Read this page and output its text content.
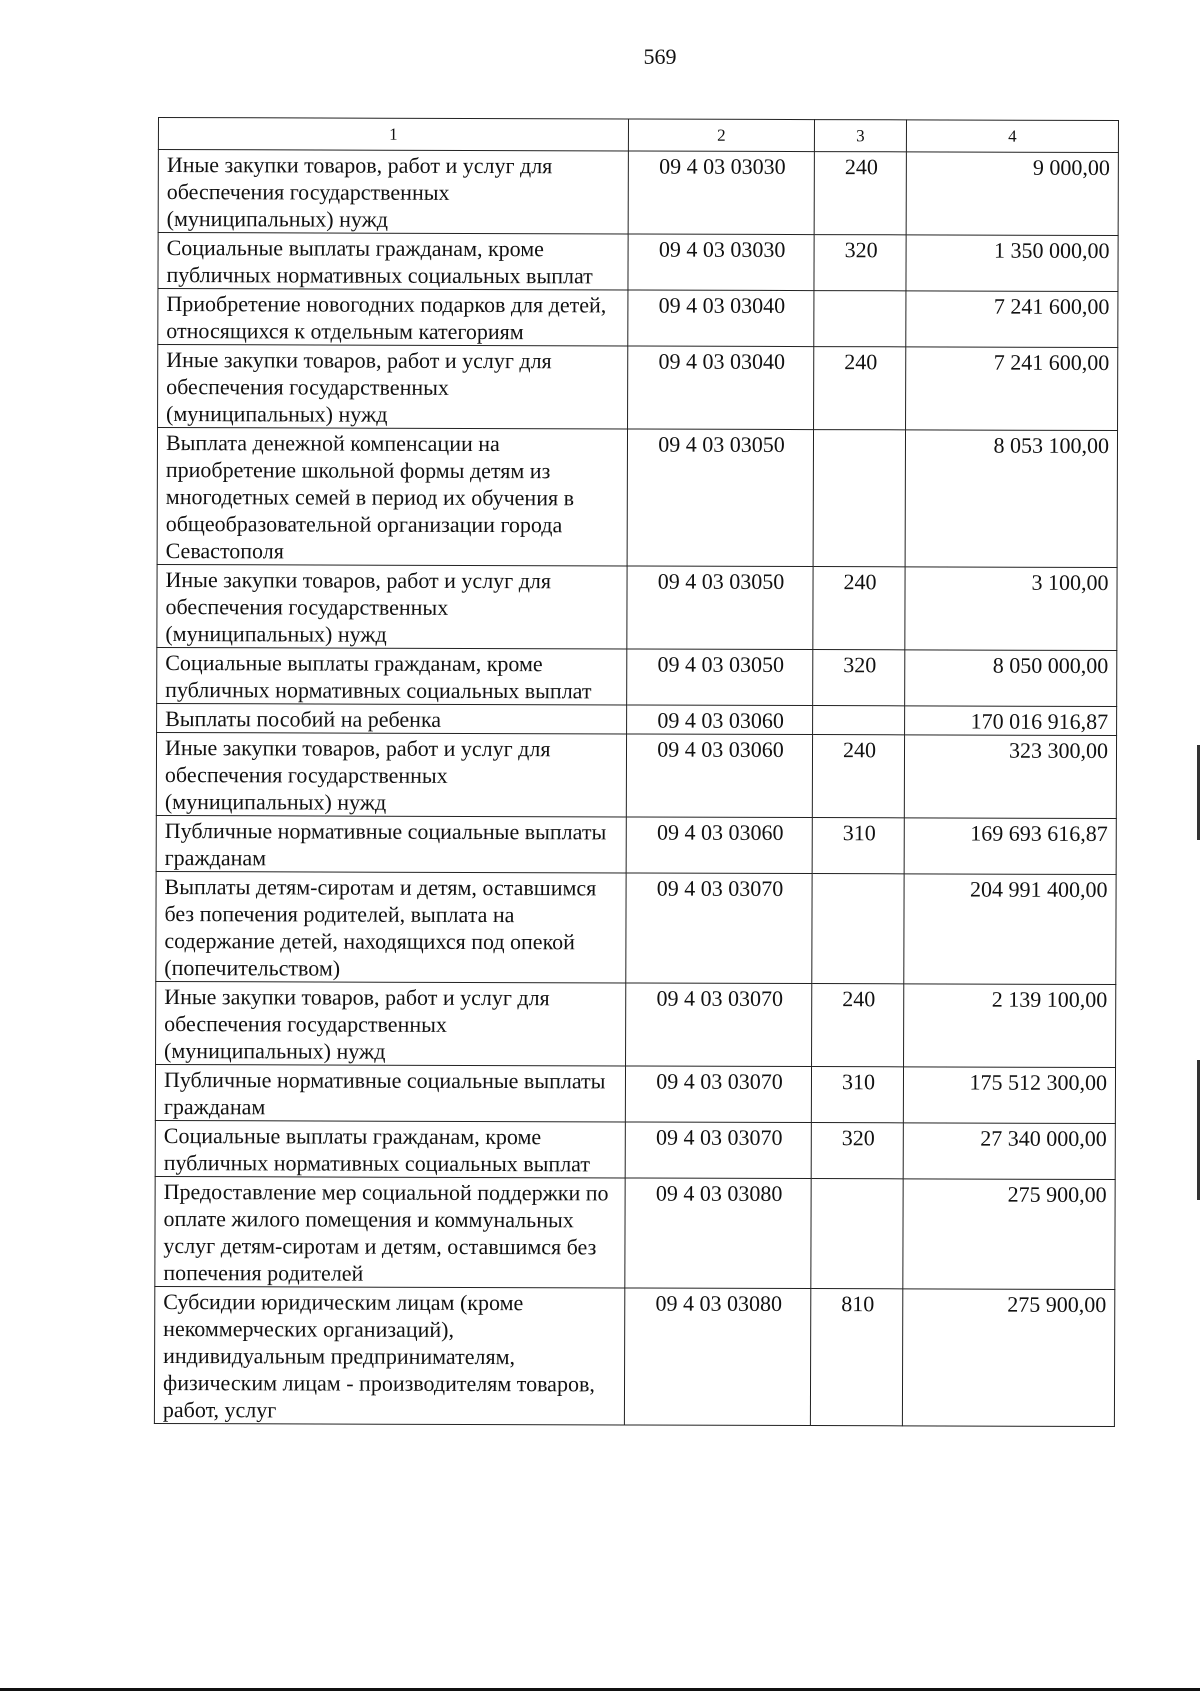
569
1	2	3	4
Иные закупки товаров, работ и услуг для обеспечения государственных (муниципальных) нужд	09 4 03 03030	240	9 000,00
Социальные выплаты гражданам, кроме публичных нормативных социальных выплат	09 4 03 03030	320	1 350 000,00
Приобретение новогодних подарков для детей, относящихся к отдельным категориям	09 4 03 03040		7 241 600,00
Иные закупки товаров, работ и услуг для обеспечения государственных (муниципальных) нужд	09 4 03 03040	240	7 241 600,00
Выплата денежной компенсации на приобретение школьной формы детям из многодетных семей в период их обучения в общеобразовательной организации города Севастополя	09 4 03 03050		8 053 100,00
Иные закупки товаров, работ и услуг для обеспечения государственных (муниципальных) нужд	09 4 03 03050	240	3 100,00
Социальные выплаты гражданам, кроме публичных нормативных социальных выплат	09 4 03 03050	320	8 050 000,00
Выплаты пособий на ребенка	09 4 03 03060		170 016 916,87
Иные закупки товаров, работ и услуг для обеспечения государственных (муниципальных) нужд	09 4 03 03060	240	323 300,00
Публичные нормативные социальные выплаты гражданам	09 4 03 03060	310	169 693 616,87
Выплаты детям-сиротам и детям, оставшимся без попечения родителей, выплата на содержание детей, находящихся под опекой (попечительством)	09 4 03 03070		204 991 400,00
Иные закупки товаров, работ и услуг для обеспечения государственных (муниципальных) нужд	09 4 03 03070	240	2 139 100,00
Публичные нормативные социальные выплаты гражданам	09 4 03 03070	310	175 512 300,00
Социальные выплаты гражданам, кроме публичных нормативных социальных выплат	09 4 03 03070	320	27 340 000,00
Предоставление мер социальной поддержки по оплате жилого помещения и коммунальных услуг детям-сиротам и детям, оставшимся без попечения родителей	09 4 03 03080		275 900,00
Субсидии юридическим лицам (кроме некоммерческих организаций), индивидуальным предпринимателям, физическим лицам - производителям товаров, работ, услуг	09 4 03 03080	810	275 900,00
